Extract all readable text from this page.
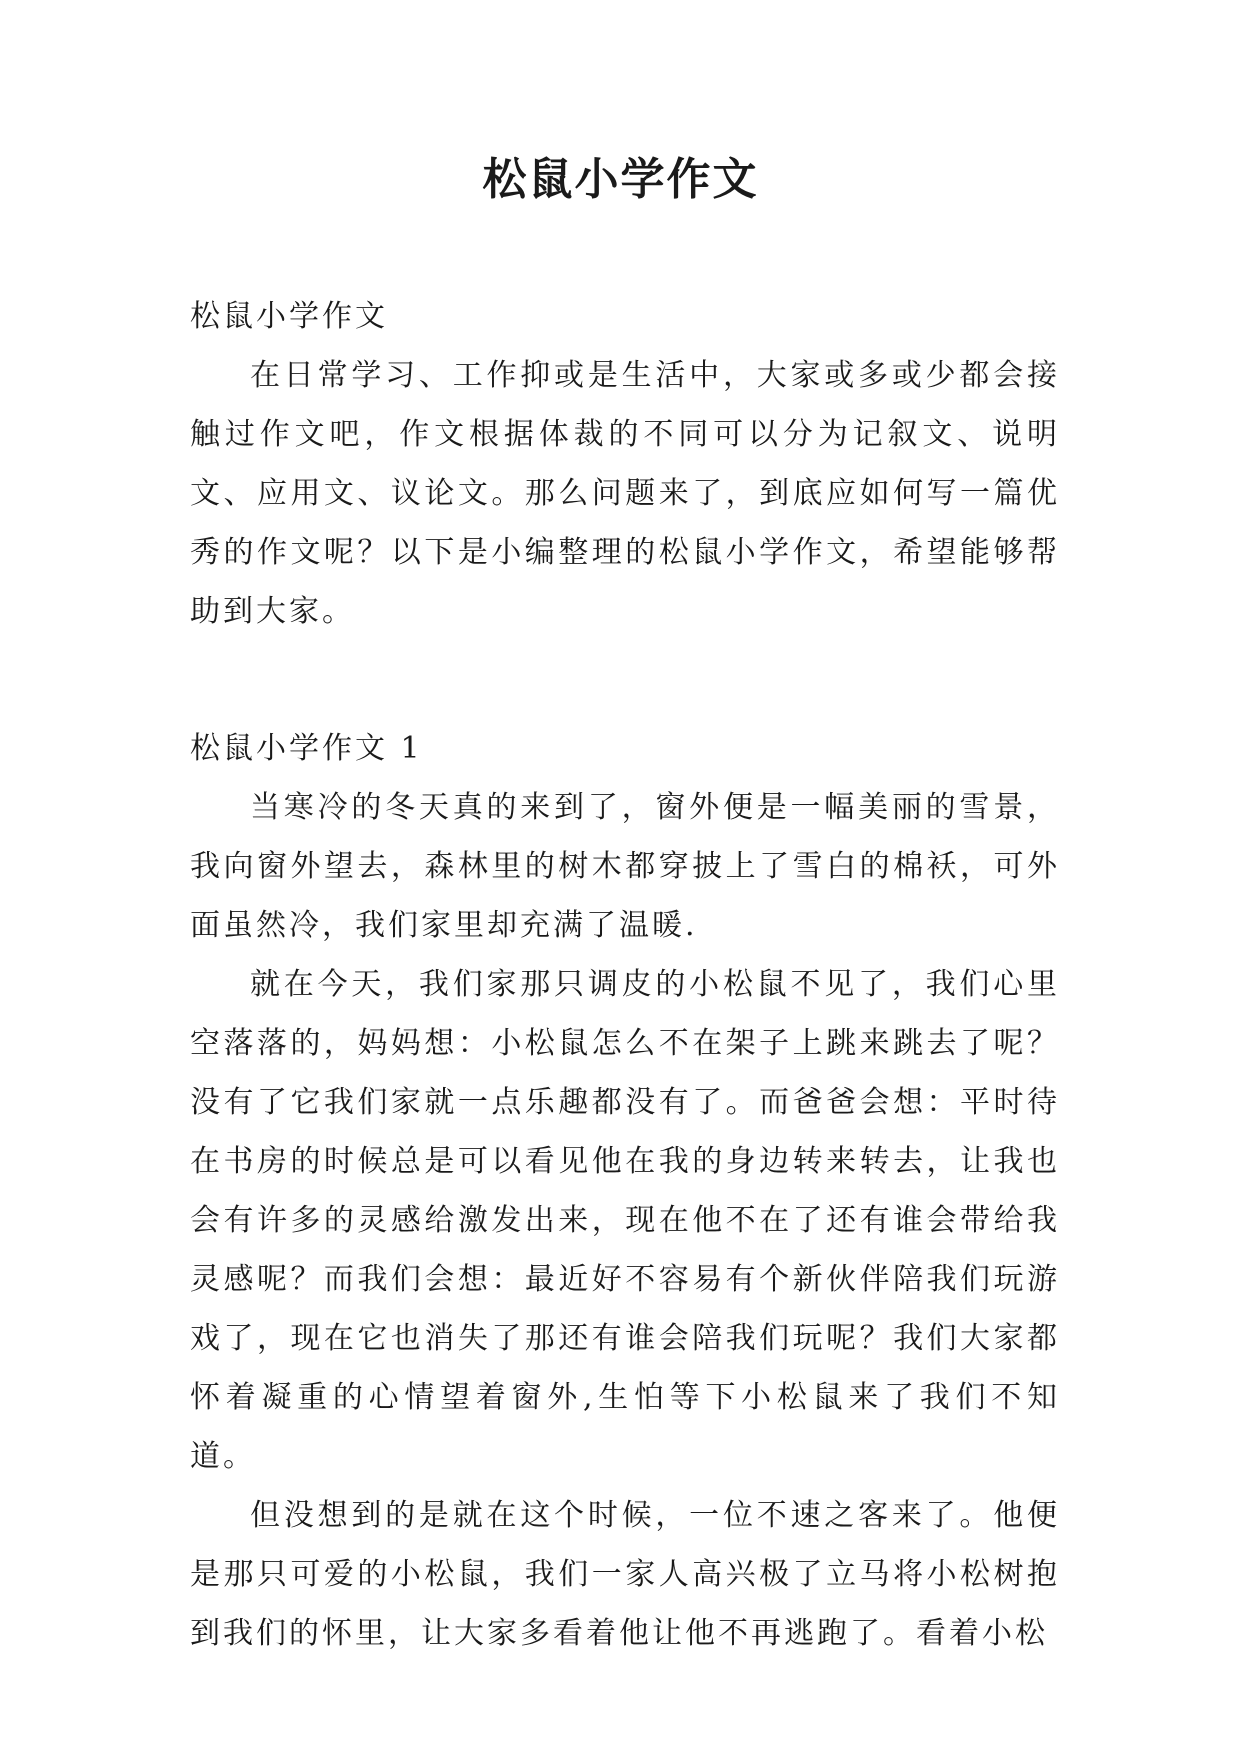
松鼠小学作文

松鼠小学作文

在日常学习、工作抑或是生活中，大家或多或少都会接触过作文吧，作文根据体裁的不同可以分为记叙文、说明文、应用文、议论文。那么问题来了，到底应如何写一篇优秀的作文呢？以下是小编整理的松鼠小学作文，希望能够帮助到大家。

松鼠小学作文 1

当寒冷的冬天真的来到了，窗外便是一幅美丽的雪景，我向窗外望去，森林里的树木都穿披上了雪白的棉袄，可外面虽然冷，我们家里却充满了温暖.

就在今天，我们家那只调皮的小松鼠不见了，我们心里空落落的，妈妈想：小松鼠怎么不在架子上跳来跳去了呢？没有了它我们家就一点乐趣都没有了。而爸爸会想：平时待在书房的时候总是可以看见他在我的身边转来转去，让我也会有许多的灵感给激发出来，现在他不在了还有谁会带给我灵感呢？而我们会想：最近好不容易有个新伙伴陪我们玩游戏了，现在它也消失了那还有谁会陪我们玩呢？我们大家都怀着凝重的心情望着窗外,生怕等下小松鼠来了我们不知道。

但没想到的是就在这个时候，一位不速之客来了。他便是那只可爱的小松鼠，我们一家人高兴极了立马将小松树抱到我们的怀里，让大家多看着他让他不再逃跑了。看着小松
